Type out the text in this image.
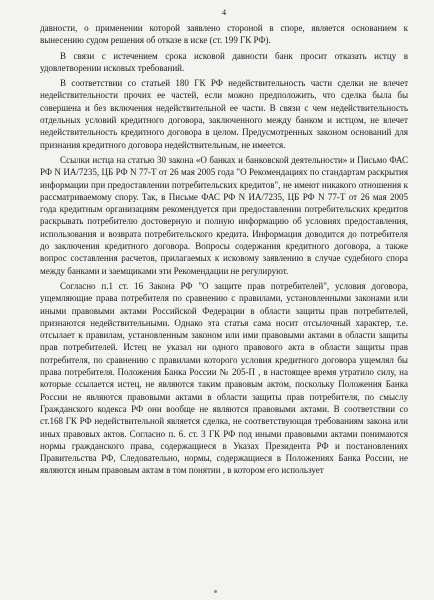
4

давности, о применении которой заявлено стороной в споре, является основанием к вынесению судом решения об отказе в иске (ст. 199 ГК РФ).

В связи с истечением срока исковой давности банк просит отказать истцу в удовлетворении исковых требований.

В соответствии со статьей 180 ГК РФ недействительность части сделки не влечет недействительности прочих ее частей, если можно предположить, что сделка была бы совершена и без включения недействительной ее части. В связи с чем недействительность отдельных условий кредитного договора, заключенного между банком и истцом, не влечет недействительность кредитного договора в целом. Предусмотренных законом оснований для признания кредитного договора недействительным, не имеется.

Ссылки истца на статью 30 закона «О банках и банковской деятельности» и Письмо ФАС РФ N ИА/7235, ЦБ РФ N 77-Т от 26 мая 2005 года "О Рекомендациях по стандартам раскрытия информации при предоставлении потребительских кредитов", не имеют никакого отношения к рассматриваемому спору. Так, в Письме ФАС РФ N ИА/7235, ЦБ РФ N 77-Т от 26 мая 2005 года кредитным организациям рекомендуется при предоставлении потребительских кредитов раскрывать потребителю достоверную и полную информацию об условиях предоставления, использования и возврата потребительского кредита. Информация доводится до потребителя до заключения кредитного договора. Вопросы содержания кредитного договора, а также вопрос составления расчетов, прилагаемых к исковому заявлению в случае судебного спора между банками и заемщиками эти Рекомендации не регулируют.

Согласно п.1 ст. 16 Закона РФ "О защите прав потребителей", условия договора, ущемляющие права потребителя по сравнению с правилами, установленными законами или иными правовыми актами Российской Федерации в области защиты прав потребителей, признаются недействительными. Однако эта статья сама носит отсылочный характер, т.е. отсылает к правилам, установленным законом или ими правовыми актами в области защиты прав потребителей. Истец не указал ни одного правового акта в области защиты прав потребителя, по сравнению с правилами которого условия кредитного договора ущемлял бы права потребителя. Положения Банка России № 205-П , в настоящее время утратило силу, на которые ссылается истец, не являются таким правовым актом, поскольку Положения Банка России не являются правовыми актами в области защиты прав потребителя, по смыслу Гражданского кодекса РФ они вообще не являются правовыми актами. В соответствии со ст.168 ГК РФ недействительной является сделка, не соответствующая требованиям закона или иных правовых актов. Согласно п. 6. ст. 3 ГК РФ под иными правовыми актами понимаются нормы гражданского права, содержащиеся в Указах Президента РФ и постановлениях Правительства РФ, Следовательно, нормы, содержащиеся в Положениях Банка России, не являются иным правовым актам в том понятии , в котором его использует
